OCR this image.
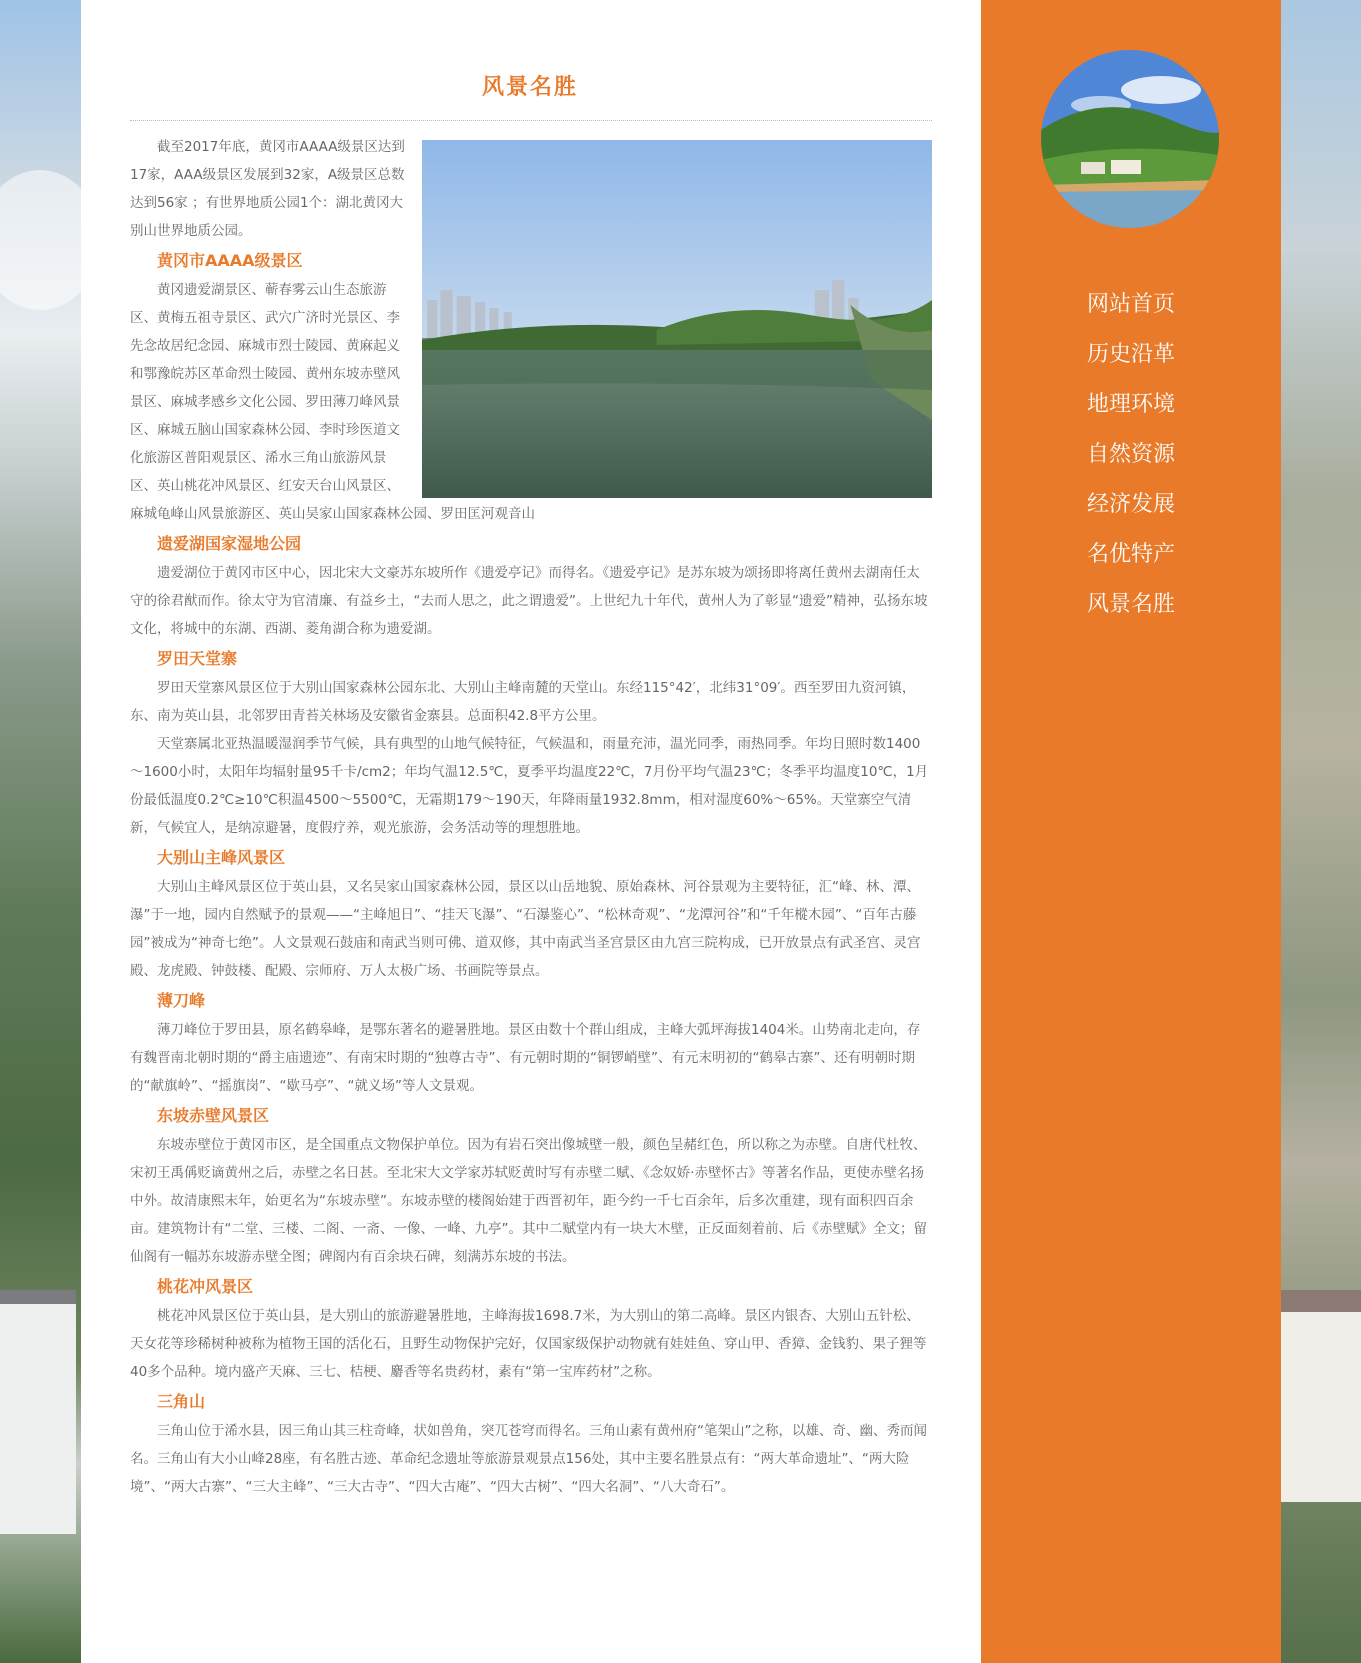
风景名胜

截至2017年底，黄冈市AAAA级景区达到17家，AAA级景区发展到32家，A级景区总数达到56家 ；有世界地质公园1个：湖北黄冈大别山世界地质公园。

黄冈市AAAA级景区

黄冈遗爱湖景区、蕲春雾云山生态旅游区、黄梅五祖寺景区、武穴广济时光景区、李先念故居纪念园、麻城市烈士陵园、黄麻起义和鄂豫皖苏区革命烈士陵园、黄州东坡赤壁风景区、麻城孝感乡文化公园、罗田薄刀峰风景区、麻城五脑山国家森林公园、李时珍医道文化旅游区普阳观景区、浠水三角山旅游风景区、英山桃花冲风景区、红安天台山风景区、麻城龟峰山风景旅游区、英山吴家山国家森林公园、罗田匡河观音山

遗爱湖国家湿地公园

遗爱湖位于黄冈市区中心，因北宋大文豪苏东坡所作《遗爱亭记》而得名。《遗爱亭记》是苏东坡为颂扬即将离任黄州去湖南任太守的徐君猷而作。徐太守为官清廉、有益乡土，“去而人思之，此之谓遗爱”。上世纪九十年代，黄州人为了彰显“遗爱”精神，弘扬东坡文化，将城中的东湖、西湖、菱角湖合称为遗爱湖。

罗田天堂寨

罗田天堂寨风景区位于大别山国家森林公园东北、大别山主峰南麓的天堂山。东经115°42′，北纬31°09′。西至罗田九资河镇，东、南为英山县，北邻罗田青苔关林场及安徽省金寨县。总面积42.8平方公里。

天堂寨属北亚热温暖湿润季节气候，具有典型的山地气候特征，气候温和，雨量充沛，温光同季，雨热同季。年均日照时数1400～1600小时，太阳年均辐射量95千卡/cm2；年均气温12.5℃，夏季平均温度22℃，7月份平均气温23℃；冬季平均温度10℃，1月份最低温度0.2℃≥10℃积温4500～5500℃，无霜期179～190天，年降雨量1932.8mm，相对湿度60%～65%。天堂寨空气清新，气候宜人，是纳凉避暑，度假疗养，观光旅游，会务活动等的理想胜地。

大别山主峰风景区

大别山主峰风景区位于英山县，又名吴家山国家森林公园，景区以山岳地貌、原始森林、河谷景观为主要特征，汇“峰、林、潭、瀑”于一地，园内自然赋予的景观——“主峰旭日”、“挂天飞瀑”、“石瀑鉴心”、“松林奇观”、“龙潭河谷”和“千年樅木园”、“百年古藤园”被成为“神奇七绝”。人文景观石鼓庙和南武当则可佛、道双修，其中南武当圣宫景区由九宫三院构成，已开放景点有武圣宫、灵宫殿、龙虎殿、钟鼓楼、配殿、宗师府、万人太极广场、书画院等景点。

薄刀峰

薄刀峰位于罗田县，原名鹤皋峰，是鄂东著名的避暑胜地。景区由数十个群山组成，主峰大弧坪海拔1404米。山势南北走向，存有魏晋南北朝时期的“爵主庙遗迹”、有南宋时期的“独尊古寺”、有元朝时期的“铜锣峭壁”、有元末明初的“鹤皋古寨”、还有明朝时期的“献旗岭”、“摇旗岗”、“歇马亭”、“就义场”等人文景观。

东坡赤壁风景区

东坡赤壁位于黄冈市区，是全国重点文物保护单位。因为有岩石突出像城壁一般，颜色呈赭红色，所以称之为赤壁。自唐代杜牧、宋初王禹偁贬谪黄州之后，赤壁之名日甚。至北宋大文学家苏轼贬黄时写有赤壁二赋、《念奴娇·赤壁怀古》等著名作品，更使赤壁名扬中外。故清康熙末年，始更名为“东坡赤壁”。东坡赤壁的楼阁始建于西晋初年，距今约一千七百余年，后多次重建，现有面积四百余亩。建筑物计有“二堂、三楼、二阁、一斋、一像、一峰、九亭”。其中二赋堂内有一块大木壁，正反面刻着前、后《赤壁赋》全文；留仙阁有一幅苏东坡游赤壁全图；碑阁内有百余块石碑，刻满苏东坡的书法。

桃花冲风景区

桃花冲风景区位于英山县，是大别山的旅游避暑胜地，主峰海拔1698.7米，为大别山的第二高峰。景区内银杏、大别山五针松、天女花等珍稀树种被称为植物王国的活化石，且野生动物保护完好，仅国家级保护动物就有娃娃鱼、穿山甲、香獐、金钱豹、果子狸等40多个品种。境内盛产天麻、三七、桔梗、麝香等名贵药材，素有“第一宝库药材”之称。

三角山

三角山位于浠水县，因三角山其三柱奇峰，状如兽角，突兀苍穹而得名。三角山素有黄州府“笔架山”之称，以雄、奇、幽、秀而闻名。三角山有大小山峰28座，有名胜古迹、革命纪念遗址等旅游景观景点156处，其中主要名胜景点有：“两大革命遗址”、“两大险境”、“两大古寨”、“三大主峰”、“三大古寺”、“四大古庵”、“四大古树”、“四大名洞”、“八大奇石”。

网站首页
历史沿革
地理环境
自然资源
经济发展
名优特产
风景名胜
